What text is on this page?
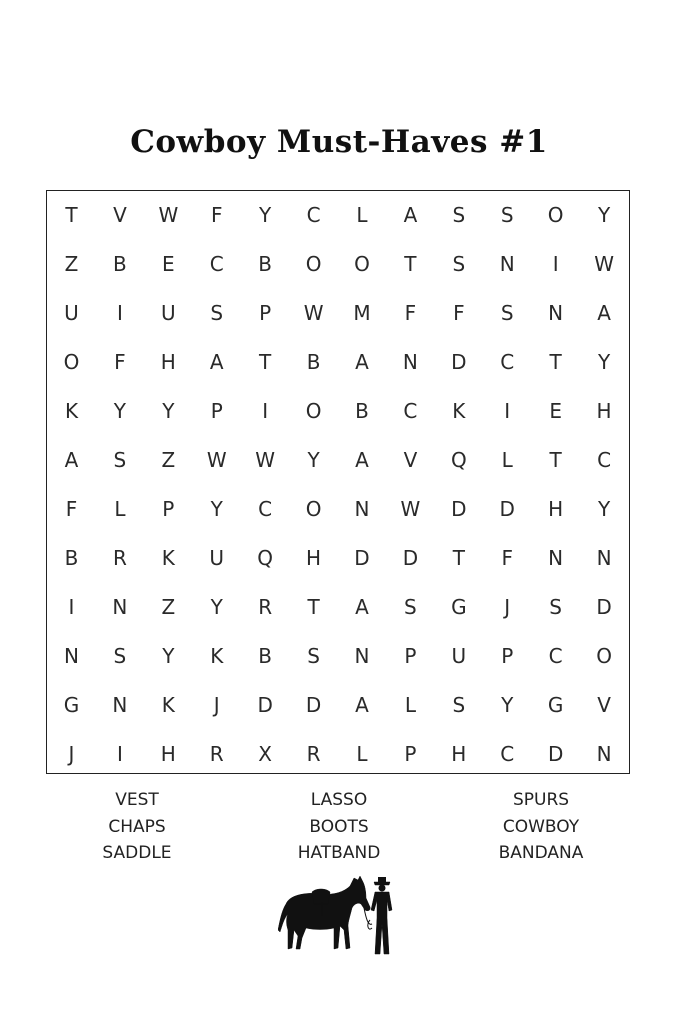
Cowboy Must-Haves #1
T	V	W	F	Y	C	L	A	S	S	O	Y
Z	B	E	C	B	O	O	T	S	N	I	W
U	I	U	S	P	W	M	F	F	S	N	A
O	F	H	A	T	B	A	N	D	C	T	Y
K	Y	Y	P	I	O	B	C	K	I	E	H
A	S	Z	W	W	Y	A	V	Q	L	T	C
F	L	P	Y	C	O	N	W	D	D	H	Y
B	R	K	U	Q	H	D	D	T	F	N	N
I	N	Z	Y	R	T	A	S	G	J	S	D
N	S	Y	K	B	S	N	P	U	P	C	O
G	N	K	J	D	D	A	L	S	Y	G	V
J	I	H	R	X	R	L	P	H	C	D	N
VEST
CHAPS
SADDLE
LASSO
BOOTS
HATBAND
SPURS
COWBOY
BANDANA
